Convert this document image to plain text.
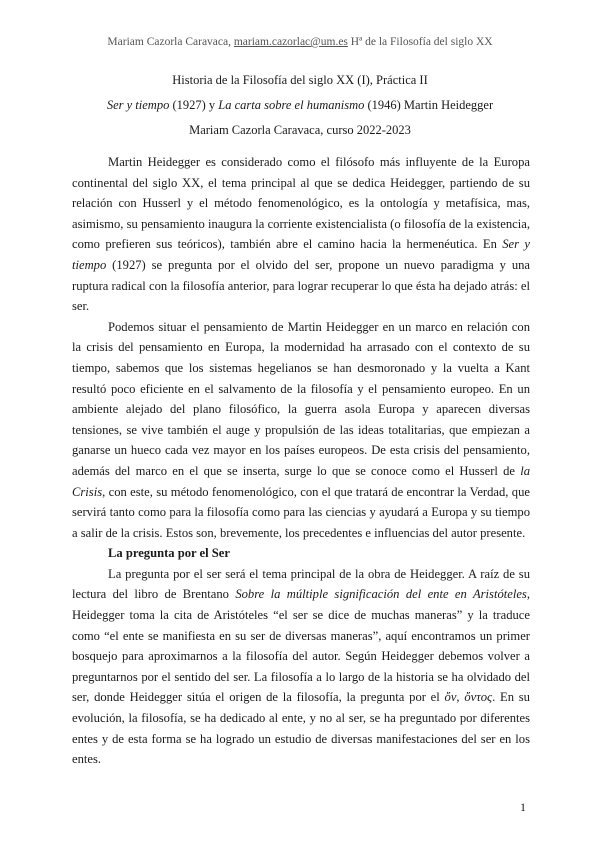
Mariam Cazorla Caravaca, mariam.cazorlac@um.es Hª de la Filosofía del siglo XX
Historia de la Filosofía del siglo XX (I), Práctica II
Ser y tiempo (1927) y La carta sobre el humanismo (1946) Martin Heidegger
Mariam Cazorla Caravaca, curso 2022-2023

Martin Heidegger es considerado como el filósofo más influyente de la Europa continental del siglo XX, el tema principal al que se dedica Heidegger, partiendo de su relación con Husserl y el método fenomenológico, es la ontología y metafísica, mas, asimismo, su pensamiento inaugura la corriente existencialista (o filosofía de la existencia, como prefieren sus teóricos), también abre el camino hacia la hermenéutica. En Ser y tiempo (1927) se pregunta por el olvido del ser, propone un nuevo paradigma y una ruptura radical con la filosofía anterior, para lograr recuperar lo que ésta ha dejado atrás: el ser.

Podemos situar el pensamiento de Martin Heidegger en un marco en relación con la crisis del pensamiento en Europa, la modernidad ha arrasado con el contexto de su tiempo, sabemos que los sistemas hegelianos se han desmoronado y la vuelta a Kant resultó poco eficiente en el salvamento de la filosofía y el pensamiento europeo. En un ambiente alejado del plano filosófico, la guerra asola Europa y aparecen diversas tensiones, se vive también el auge y propulsión de las ideas totalitarias, que empiezan a ganarse un hueco cada vez mayor en los países europeos. De esta crisis del pensamiento, además del marco en el que se inserta, surge lo que se conoce como el Husserl de la Crisis, con este, su método fenomenológico, con el que tratará de encontrar la Verdad, que servirá tanto como para la filosofía como para las ciencias y ayudará a Europa y su tiempo a salir de la crisis. Estos son, brevemente, los precedentes e influencias del autor presente.

La pregunta por el Ser

La pregunta por el ser será el tema principal de la obra de Heidegger. A raíz de su lectura del libro de Brentano Sobre la múltiple significación del ente en Aristóteles, Heidegger toma la cita de Aristóteles “el ser se dice de muchas maneras” y la traduce como “el ente se manifiesta en su ser de diversas maneras”, aquí encontramos un primer bosquejo para aproximarnos a la filosofía del autor. Según Heidegger debemos volver a preguntarnos por el sentido del ser. La filosofía a lo largo de la historia se ha olvidado del ser, donde Heidegger sitúa el origen de la filosofía, la pregunta por el ὄν, ὄντος. En su evolución, la filosofía, se ha dedicado al ente, y no al ser, se ha preguntado por diferentes entes y de esta forma se ha logrado un estudio de diversas manifestaciones del ser en los entes.

1
